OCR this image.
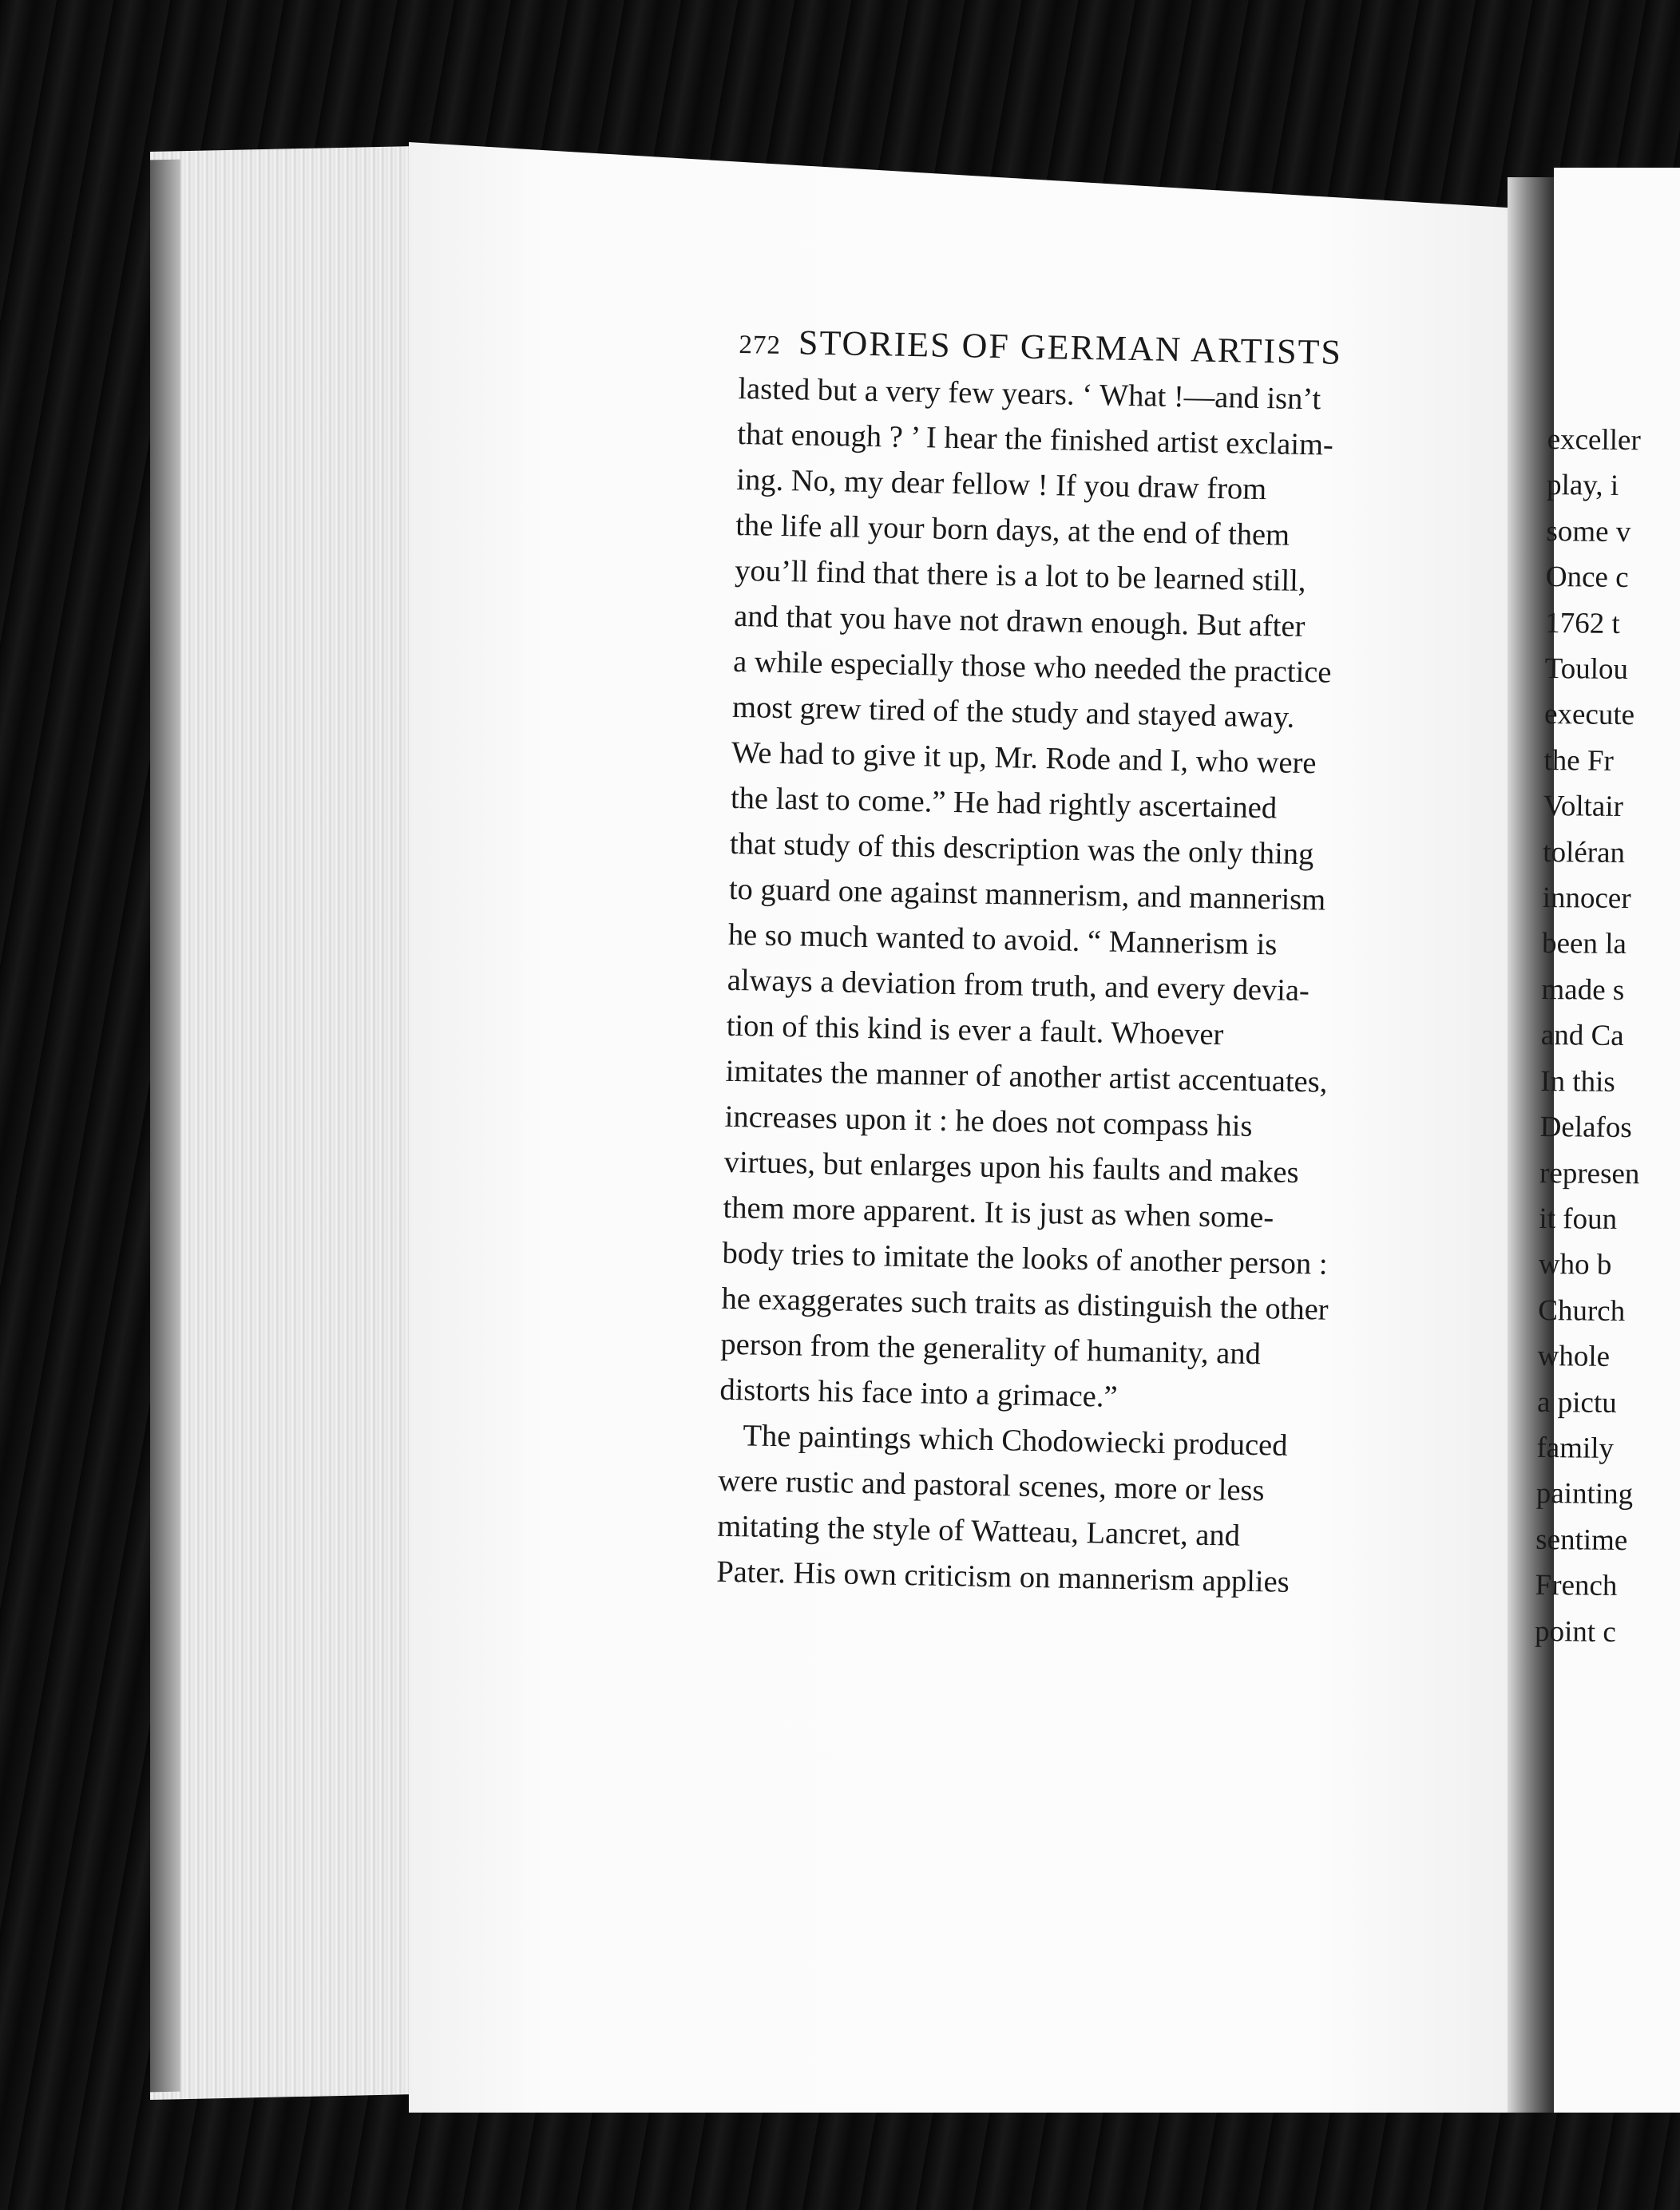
272 STORIES OF GERMAN ARTISTS
lasted but a very few years. ‘ What !—and isn’t
that enough ? ’ I hear the finished artist exclaim-
ing. No, my dear fellow ! If you draw from
the life all your born days, at the end of them
you’ll find that there is a lot to be learned still,
and that you have not drawn enough. But after
a while especially those who needed the practice
most grew tired of the study and stayed away.
We had to give it up, Mr. Rode and I, who were
the last to come.” He had rightly ascertained
that study of this description was the only thing
to guard one against mannerism, and mannerism
he so much wanted to avoid. “ Mannerism is
always a deviation from truth, and every devia-
tion of this kind is ever a fault. Whoever
imitates the manner of another artist accentuates,
increases upon it : he does not compass his
virtues, but enlarges upon his faults and makes
them more apparent. It is just as when some-
body tries to imitate the looks of another person :
he exaggerates such traits as distinguish the other
person from the generality of humanity, and
distorts his face into a grimace.”
The paintings which Chodowiecki produced
were rustic and pastoral scenes, more or less
mitating the style of Watteau, Lancret, and
Pater. His own criticism on mannerism applies
exceller
play, i
some v
Once c
1762 t
Toulou
execute
the Fr
Voltair
toléran
innocer
been la
made s
and Ca
In this
Delafos
represen
it foun
who b
Church
whole
a pictu
family
painting
sentime
French
point c
